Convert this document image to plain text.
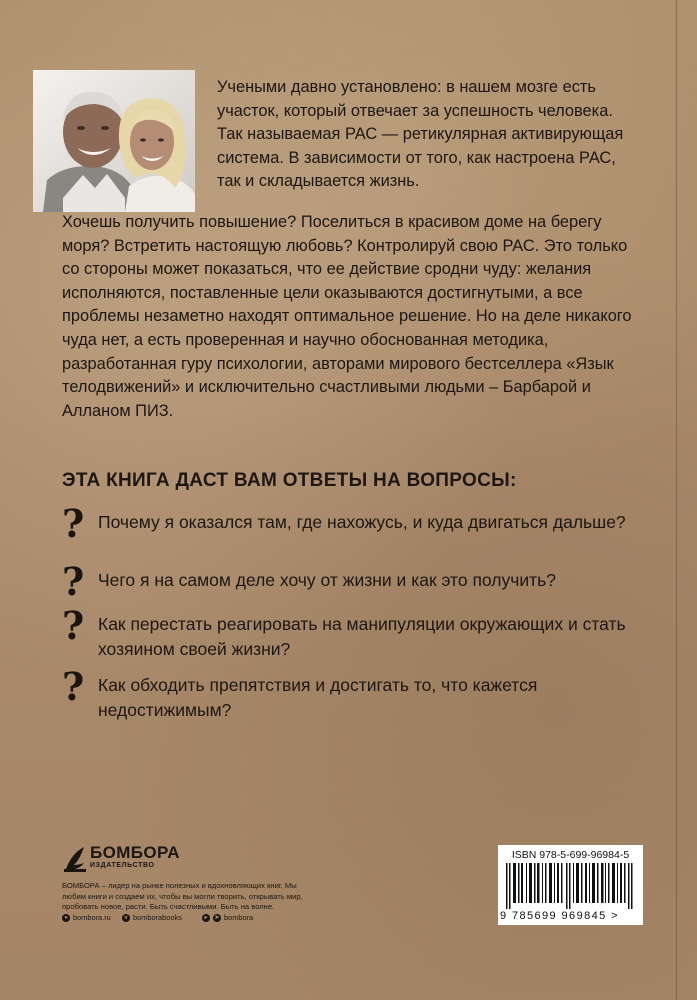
Учеными давно установлено: в нашем мозге есть участок, который отвечает за успешность человека. Так называемая РАС — ретикулярная активирующая система. В зависимости от того, как настроена РАС, так и складывается жизнь.

Хочешь получить повышение? Поселиться в красивом доме на берегу моря? Встретить настоящую любовь? Контролируй свою РАС. Это только со стороны может показаться, что ее действие сродни чуду: желания исполняются, поставленные цели оказываются достигнутыми, а все проблемы незаметно находят оптимальное решение. Но на деле никакого чуда нет, а есть проверенная и научно обоснованная методика, разработанная гуру психологии, авторами мирового бестселлера «Язык телодвижений» и исключительно счастливыми людьми – Барбарой и Алланом ПИЗ.

ЭТА КНИГА ДАСТ ВАМ ОТВЕТЫ НА ВОПРОСЫ:
? Почему я оказался там, где нахожусь, и куда двигаться дальше?

? Чего я на самом деле хочу от жизни и как это получить?

? Как перестать реагировать на манипуляции окружающих и стать хозяином своей жизни?

? Как обходить препятствия и достигать то, что кажется недостижимым?

БОМБОРА
ИЗДАТЕЛЬСТВО

БОМБОРА – лидер на рынке полезных и вдохновляющих книг. Мы любим книги и создаем их, чтобы вы могли творить, открывать мир, пробовать новое, расти. Быть счастливыми. Быть на волне.

● bombora.ru	v bomborabooks	▸	➤ bombora
ISBN 978-5-699-96984-5
9 785699 969845 >
